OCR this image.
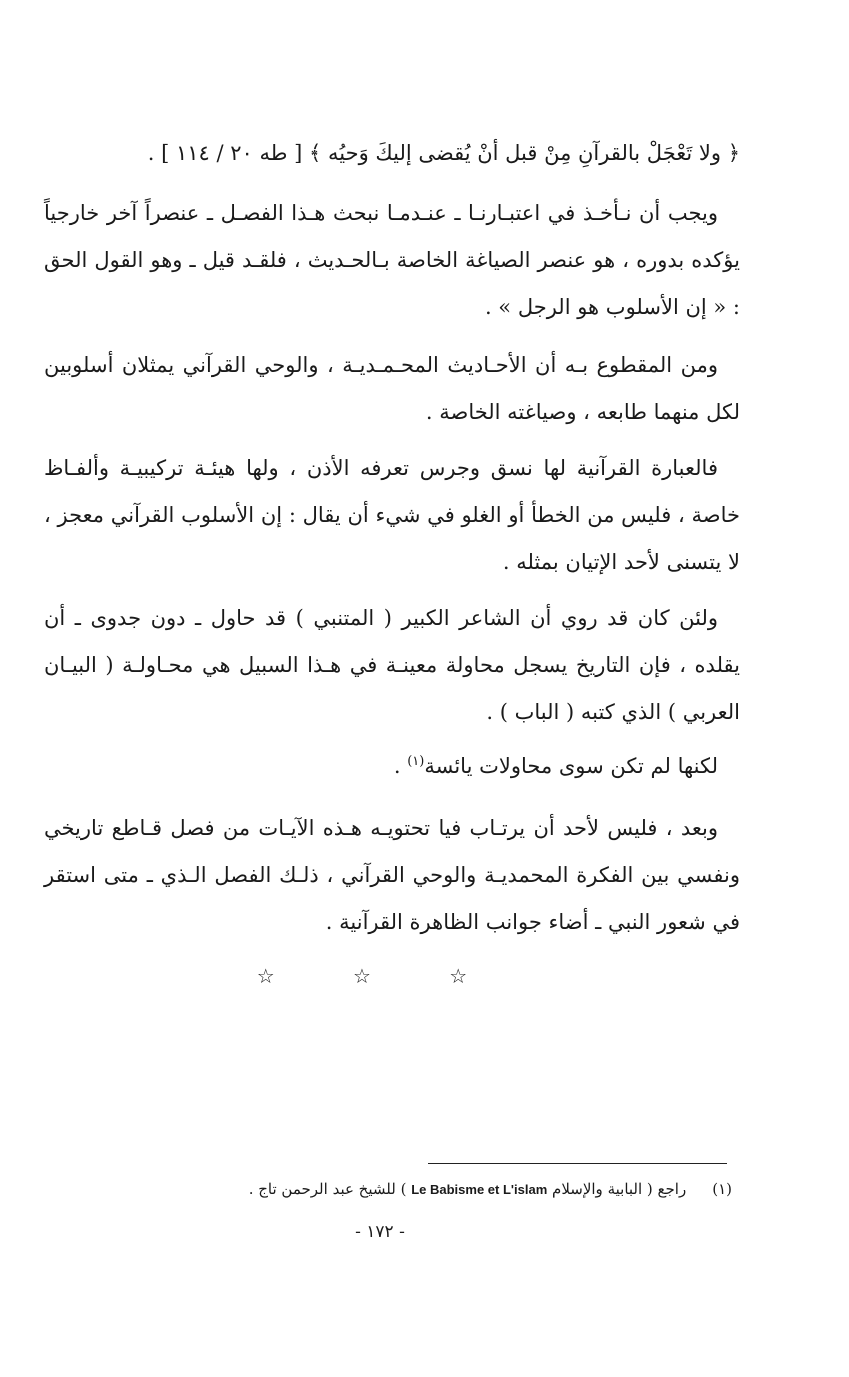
﴿ ولا تَعْجَلْ بالقرآنِ مِنْ قبل أنْ يُقضى إليكَ وَحيُه ﴾ [ طه ٢٠ / ١١٤ ] .
ويجب أن نـأخـذ في اعتبـارنـا ـ عنـدمـا نبحث هـذا الفصـل ـ عنصراً آخر خارجياً يؤكده بدوره ، هو عنصر الصياغة الخاصة بـالحـديث ، فلقـد قيل ـ وهو القول الحق : « إن الأسلوب هو الرجل » .
ومن المقطوع بـه أن الأحـاديث المحـمـديـة ، والوحي القرآني يمثلان أسلوبين لكل منهما طابعه ، وصياغته الخاصة .
فالعبارة القرآنية لها نسق وجرس تعرفه الأذن ، ولها هيئـة تركيبيـة وألفـاظ خاصة ، فليس من الخطأ أو الغلو في شيء أن يقال : إن الأسلوب القرآني معجز ، لا يتسنى لأحد الإتيان بمثله .
ولئن كان قد روي أن الشاعر الكبير ( المتنبي ) قد حاول ـ دون جدوى ـ أن يقلده ، فإن التاريخ يسجل محاولة معينـة في هـذا السبيل هي محـاولـة ( البيـان العربي ) الذي كتبه ( الباب ) .
لكنها لم تكن سوى محاولات يائسة$^{(١)}$ .
وبعد ، فليس لأحد أن يرتـاب فيا تحتويـه هـذه الآيـات من فصل قـاطع تاريخي ونفسي بين الفكرة المحمديـة والوحي القرآني ، ذلـك الفصل الـذي ـ متى استقر في شعور النبي ـ أضاء جوانب الظاهرة القرآنية .
☆ ☆ ☆
(١)راجع ( البابية والإسلام Le Babisme et L'islam ) للشيخ عبد الرحمن تاج .
- ١٧٢ -
